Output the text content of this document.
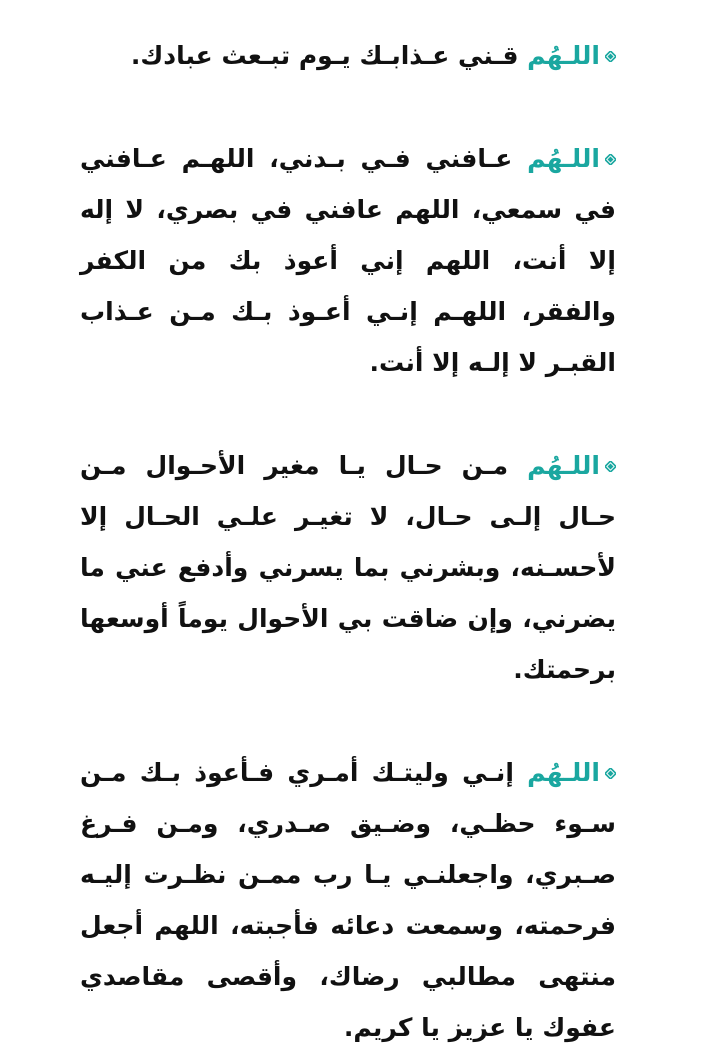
اللـهُم قـني عـذابـك يـوم تبـعث عبادك.

اللـهُم عـافني فـي بـدني، اللهـم عـافني في سمعي، اللهم عافني في بصري، لا إله إلا أنت، اللهم إني أعوذ بك من الكفر والفقر، اللهـم إنـي أعـوذ بـك مـن عـذاب القبـر لا إلـه إلا أنت.

اللـهُم مـن حـال يـا مغير الأحـوال مـن حـال إلـى حـال، لا تغيـر علـي الحـال إلا لأحسـنه، وبشرني بما يسرني وأدفع عني ما يضرني، وإن ضاقت بي الأحوال يوماً أوسعها برحمتك.

اللـهُم إنـي وليتـك أمـري فـأعوذ بـك مـن سـوء حظـي، وضـيق صـدري، ومـن فـرغ صـبري، واجعلنـي يـا رب ممـن نظـرت إليـه فرحمته، وسمعت دعائه فأجبته، اللهم أجعل منتهى مطالبي رضاك، وأقصى مقاصدي عفوك يا عزيز يا كريم.
